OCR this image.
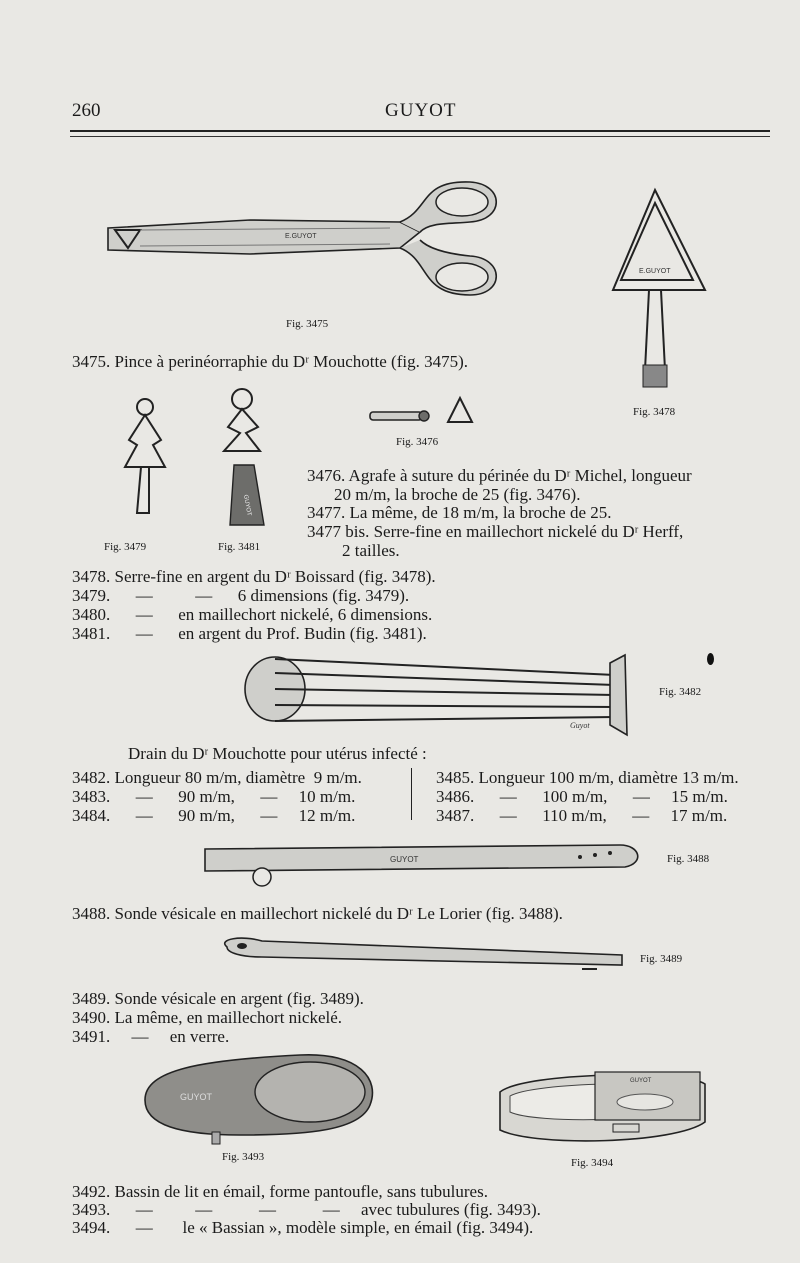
260	GUYOT
E.GUYOT
Fig. 3475
E.GUYOT
Fig. 3478
3475. Pince à perinéorraphie du Dʳ Mouchotte (fig. 3475).
Fig. 3479
GUYOT
Fig. 3481
Fig. 3476
3476. Agrafe à suture du périnée du Dʳ Michel, longueur
20 m/m, la broche de 25 (fig. 3476).
3477. La même, de 18 m/m, la broche de 25.
3477 bis. Serre-fine en maillechort nickelé du Dʳ Herff,
2 tailles.
3478. Serre-fine en argent du Dʳ Boissard (fig. 3478).
3479.      —          —      6 dimensions (fig. 3479).
3480.      —      en maillechort nickelé, 6 dimensions.
3481.      —      en argent du Prof. Budin (fig. 3481).
Guyot
Fig. 3482
Drain du Dʳ Mouchotte pour utérus infecté :
3482. Longueur 80 m/m, diamètre  9 m/m.
3483.      —      90 m/m,      —     10 m/m.
3484.      —      90 m/m,      —     12 m/m.
3485. Longueur 100 m/m, diamètre 13 m/m.
3486.      —      100 m/m,      —     15 m/m.
3487.      —      110 m/m,      —     17 m/m.
GUYOT	Fig. 3488
3488. Sonde vésicale en maillechort nickelé du Dʳ Le Lorier (fig. 3488).
Fig. 3489
3489. Sonde vésicale en argent (fig. 3489).
3490. La même, en maillechort nickelé.
3491.     —     en verre.
GUYOT
Fig. 3493
GUYOT
Fig. 3494
3492. Bassin de lit en émail, forme pantoufle, sans tubulures.
3493.      —          —           —           —     avec tubulures (fig. 3493).
3494.      —       le « Bassian », modèle simple, en émail (fig. 3494).
